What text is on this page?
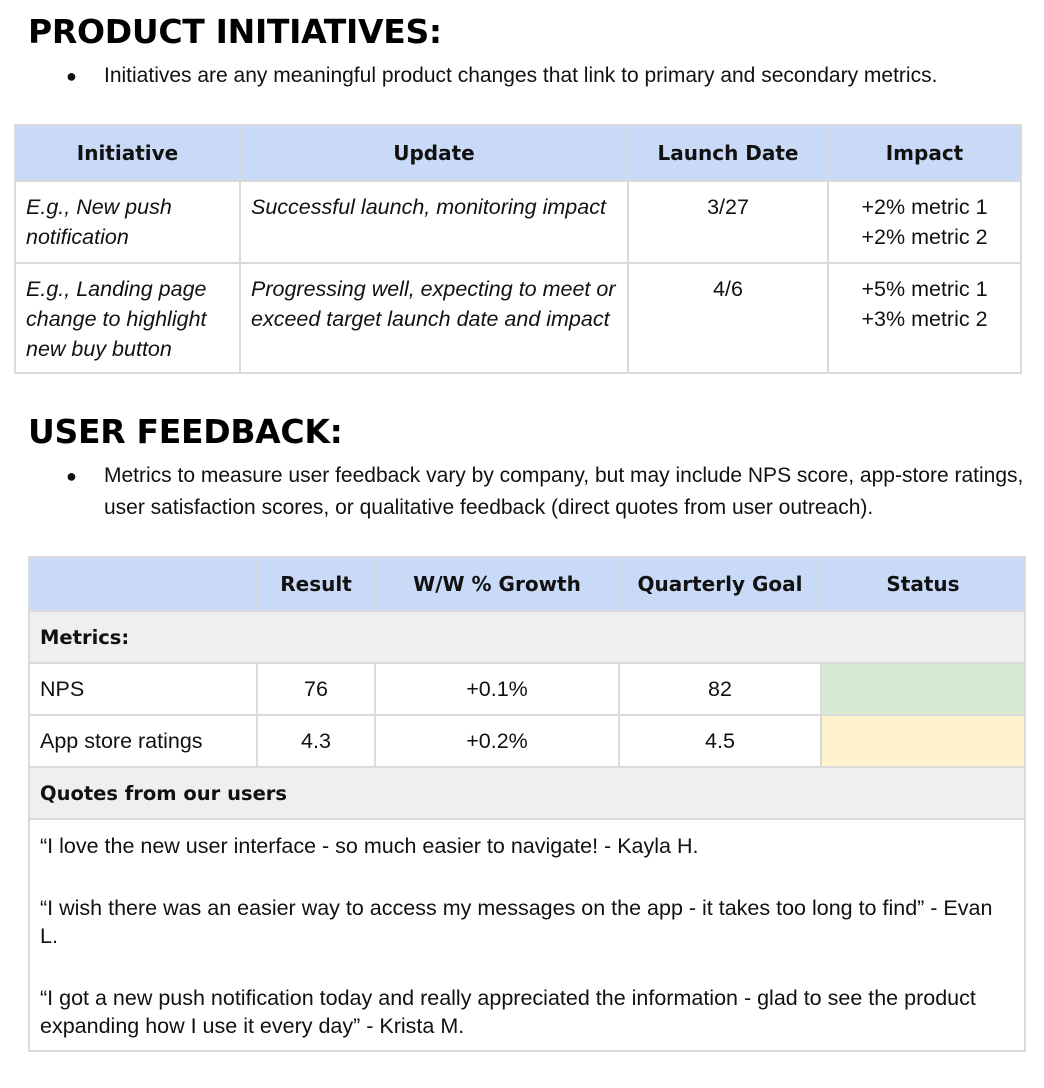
PRODUCT INITIATIVES:
● Initiatives are any meaningful product changes that link to primary and secondary metrics.
Initiative	Update	Launch Date	Impact
E.g., New push notification	Successful launch, monitoring impact	3/27	+2% metric 1
+2% metric 2

E.g., Landing page change to highlight new buy button	Progressing well, expecting to meet or exceed target launch date and impact	4/6	+5% metric 1
+3% metric 2
USER FEEDBACK:
● Metrics to measure user feedback vary by company, but may include NPS score, app-store ratings, user satisfaction scores, or qualitative feedback (direct quotes from user outreach).
	Result	W/W % Growth	Quarterly Goal	Status
Metrics:				
NPS	76	+0.1%	82	
App store ratings	4.3	+0.2%	4.5	
Quotes from our users				

“I love the new user interface - so much easier to navigate! - Kayla H.

“I wish there was an easier way to access my messages on the app - it takes too long to find” - Evan L.

“I got a new push notification today and really appreciated the information - glad to see the product expanding how I use it every day” - Krista M.				
